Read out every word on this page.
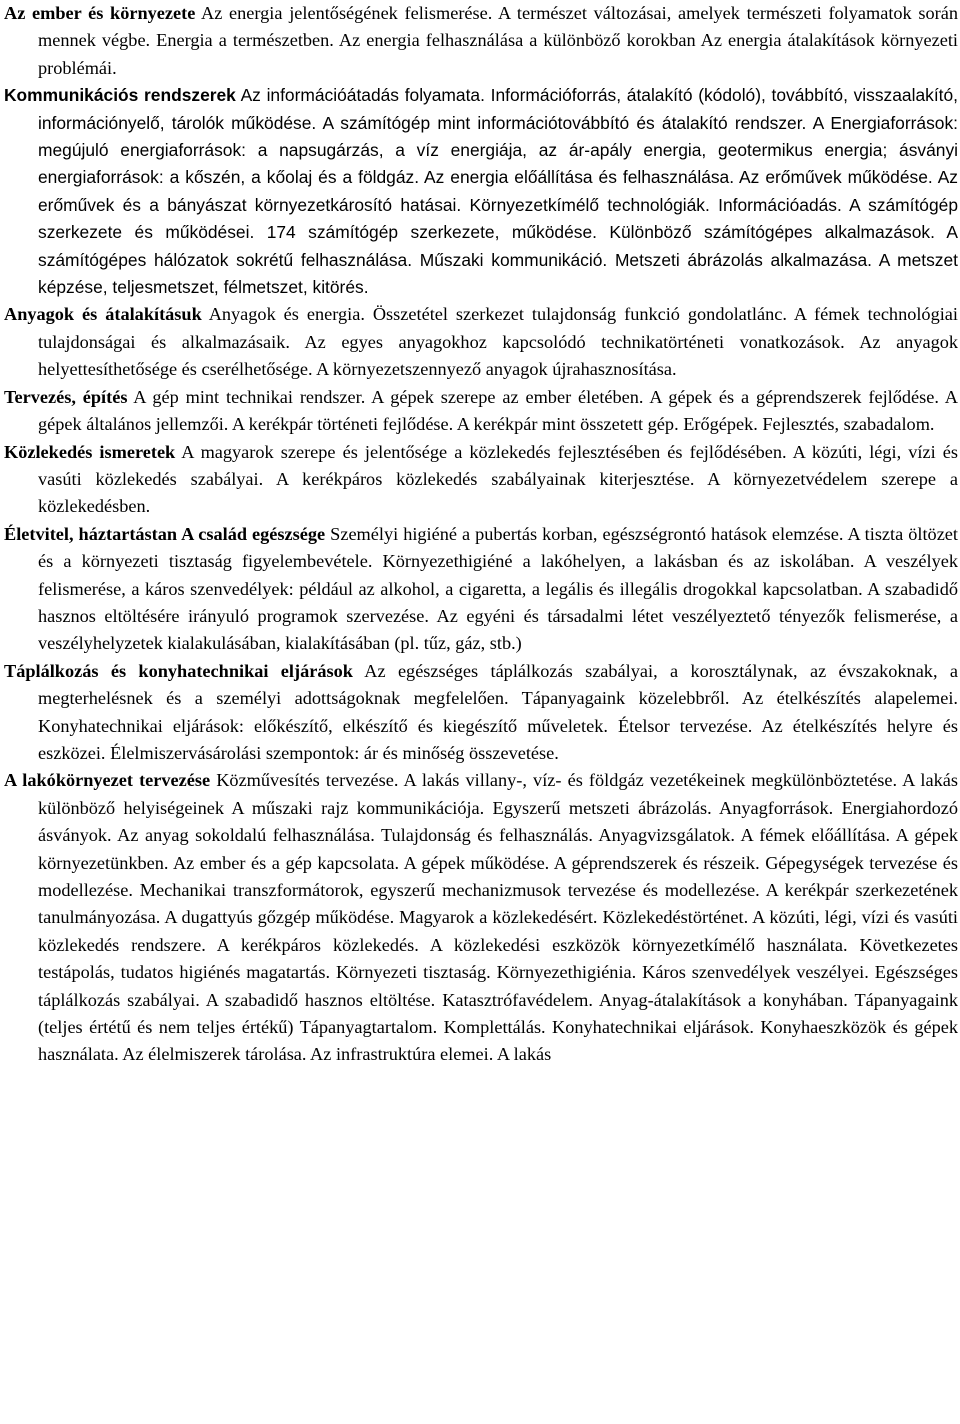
Az ember és környezete Az energia jelentőségének felismerése. A természet változásai, amelyek természeti folyamatok során mennek végbe. Energia a természetben. Az energia felhasználása a különböző korokban Az energia átalakítások környezeti problémái.

Kommunikációs rendszerek Az információátadás folyamata. Információforrás, átalakító (kódoló), továbbító, visszaalakító, információnyelő, tárolók működése. A számítógép mint információtovábbító és átalakító rendszer. A Energiaforrások: megújuló energiaforrások: a napsugárzás, a víz energiája, az ár-apály energia, geotermikus energia; ásványi energiaforrások: a kőszén, a kőolaj és a földgáz. Az energia előállítása és felhasználása. Az erőművek működése. Az erőművek és a bányászat környezetkárosító hatásai. Környezetkímélő technológiák. Információadás. A számítógép szerkezete és működései. 174 számítógép szerkezete, működése. Különböző számítógépes alkalmazások. A számítógépes hálózatok sokrétű felhasználása. Műszaki kommunikáció. Metszeti ábrázolás alkalmazása. A metszet képzése, teljesmetszet, félmetszet, kitörés.

Anyagok és átalakításuk Anyagok és energia. Összetétel szerkezet tulajdonság funkció gondolatlánc. A fémek technológiai tulajdonságai és alkalmazásaik. Az egyes anyagokhoz kapcsolódó technikatörténeti vonatkozások. Az anyagok helyettesíthetősége és cserélhetősége. A környezetszennyező anyagok újrahasznosítása.

Tervezés, építés A gép mint technikai rendszer. A gépek szerepe az ember életében. A gépek és a géprendszerek fejlődése. A gépek általános jellemzői. A kerékpár történeti fejlődése. A kerékpár mint összetett gép. Erőgépek. Fejlesztés, szabadalom.

Közlekedés ismeretek A magyarok szerepe és jelentősége a közlekedés fejlesztésében és fejlődésében. A közúti, légi, vízi és vasúti közlekedés szabályai. A kerékpáros közlekedés szabályainak kiterjesztése. A környezetvédelem szerepe a közlekedésben.

Életvitel, háztartástan A család egészsége Személyi higiéné a pubertás korban, egészségrontó hatások elemzése. A tiszta öltözet és a környezeti tisztaság figyelembevétele. Környezethigiéné a lakóhelyen, a lakásban és az iskolában. A veszélyek felismerése, a káros szenvedélyek: például az alkohol, a cigaretta, a legális és illegális drogokkal kapcsolatban. A szabadidő hasznos eltöltésére irányuló programok szervezése. Az egyéni és társadalmi létet veszélyeztető tényezők felismerése, a veszélyhelyzetek kialakulásában, kialakításában (pl. tűz, gáz, stb.)

Táplálkozás és konyhatechnikai eljárások Az egészséges táplálkozás szabályai, a korosztálynak, az évszakoknak, a megterhelésnek és a személyi adottságoknak megfelelően. Tápanyagaink közelebbről. Az ételkészítés alapelemei. Konyhatechnikai eljárások: előkészítő, elkészítő és kiegészítő műveletek. Ételsor tervezése. Az ételkészítés helyre és eszközei. Élelmiszervásárolási szempontok: ár és minőség összevetése.

A lakókörnyezet tervezése Közművesítés tervezése. A lakás villany-, víz- és földgáz vezetékeinek megkülönböztetése. A lakás különböző helyiségeinek A műszaki rajz kommunikációja. Egyszerű metszeti ábrázolás. Anyagforrások. Energiahordozó ásványok. Az anyag sokoldalú felhasználása. Tulajdonság és felhasználás. Anyagvizsgálatok. A fémek előállítása. A gépek környezetünkben. Az ember és a gép kapcsolata. A gépek működése. A géprendszerek és részeik. Gépegységek tervezése és modellezése. Mechanikai transzformátorok, egyszerű mechanizmusok tervezése és modellezése. A kerékpár szerkezetének tanulmányozása. A dugattyús gőzgép működése. Magyarok a közlekedésért. Közlekedéstörténet. A közúti, légi, vízi és vasúti közlekedés rendszere. A kerékpáros közlekedés. A közlekedési eszközök környezetkímélő használata. Következetes testápolás, tudatos higiénés magatartás. Környezeti tisztaság. Környezethigiénia. Káros szenvedélyek veszélyei. Egészséges táplálkozás szabályai. A szabadidő hasznos eltöltése. Katasztrófavédelem. Anyag-átalakítások a konyhában. Tápanyagaink (teljes értétű és nem teljes értékű) Tápanyagtartalom. Komplettálás. Konyhatechnikai eljárások. Konyhaeszközök és gépek használata. Az élelmiszerek tárolása. Az infrastruktúra elemei. A lakás
